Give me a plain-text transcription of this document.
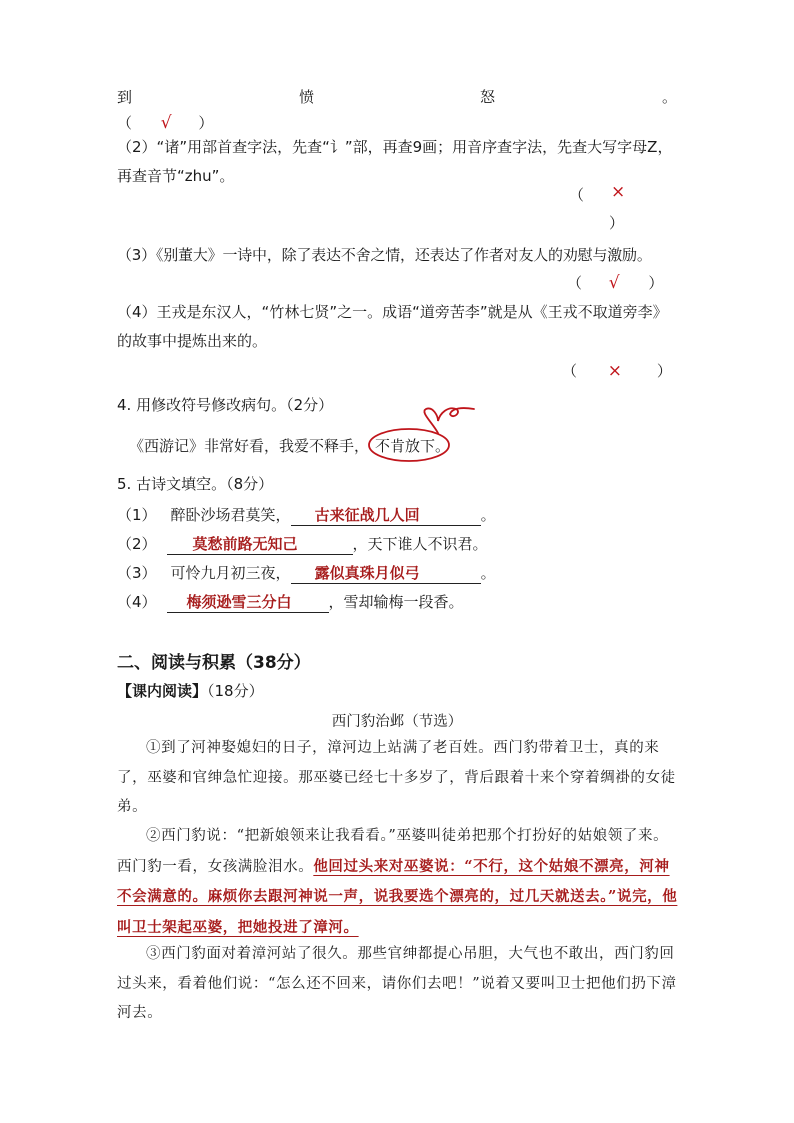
到	愤	怒	。
（ √ ）
（2）“诸”用部首查字法，先查“讠”部，再查9画；用音序查字法，先查大写字母Z，再查音节“zhu”。
（ ×
）
（3）《别董大》一诗中，除了表达不舍之情，还表达了作者对友人的劝慰与激励。
（ √ ）
（4）王戎是东汉人，“竹林七贤”之一。成语“道旁苦李”就是从《王戎不取道旁李》的故事中提炼出来的。
（ × ）
4. 用修改符号修改病句。（2分）
《西游记》非常好看，我爱不释手， 不肯放下。
5. 古诗文填空。（8分）
（1） 醉卧沙场君莫笑， 古来征战几人回	。
（2） 莫愁前路无知己	，天下谁人不识君。
（3） 可怜九月初三夜， 露似真珠月似弓	。
（4） 梅须逊雪三分白 ，雪却输梅一段香。
二、阅读与积累（38分）
【课内阅读】（18分）
西门豹治邺（节选）
①到了河神娶媳妇的日子，漳河边上站满了老百姓。西门豹带着卫士，真的来了，巫婆和官绅急忙迎接。那巫婆已经七十多岁了，背后跟着十来个穿着绸褂的女徒弟。
②西门豹说：“把新娘领来让我看看。”巫婆叫徒弟把那个打扮好的姑娘领了来。西门豹一看，女孩满脸泪水。他回过头来对巫婆说：“不行，这个姑娘不漂亮，河神不会满意的。麻烦你去跟河神说一声，说我要选个漂亮的，过几天就送去。”说完，他叫卫士架起巫婆，把她投进了漳河。
③西门豹面对着漳河站了很久。那些官绅都提心吊胆，大气也不敢出，西门豹回过头来，看着他们说：“怎么还不回来，请你们去吧！”说着又要叫卫士把他们扔下漳河去。
